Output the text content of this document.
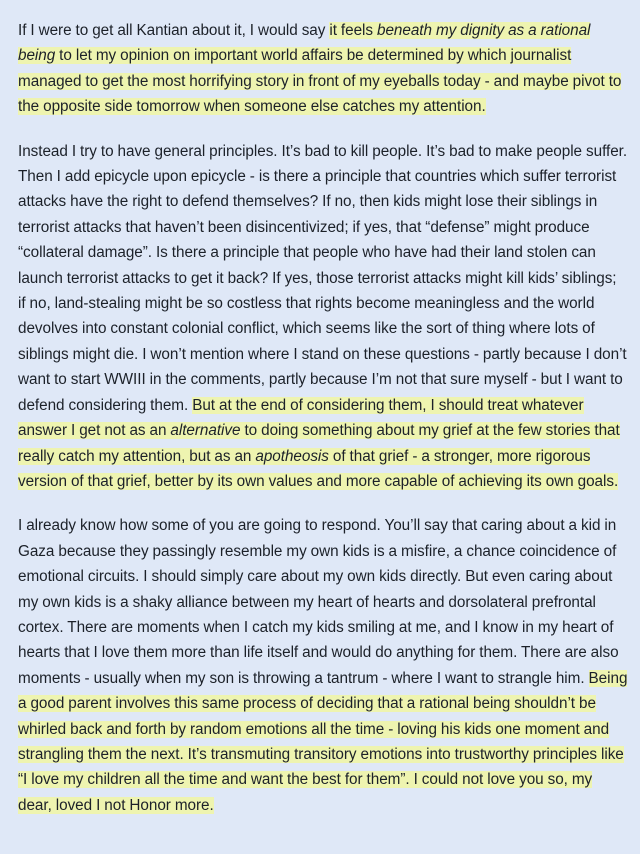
If I were to get all Kantian about it, I would say it feels beneath my dignity as a rational being to let my opinion on important world affairs be determined by which journalist managed to get the most horrifying story in front of my eyeballs today - and maybe pivot to the opposite side tomorrow when someone else catches my attention.

Instead I try to have general principles. It’s bad to kill people. It’s bad to make people suffer. Then I add epicycle upon epicycle - is there a principle that countries which suffer terrorist attacks have the right to defend themselves? If no, then kids might lose their siblings in terrorist attacks that haven’t been disincentivized; if yes, that “defense” might produce “collateral damage”. Is there a principle that people who have had their land stolen can launch terrorist attacks to get it back? If yes, those terrorist attacks might kill kids’ siblings; if no, land-stealing might be so costless that rights become meaningless and the world devolves into constant colonial conflict, which seems like the sort of thing where lots of siblings might die. I won’t mention where I stand on these questions - partly because I don’t want to start WWIII in the comments, partly because I’m not that sure myself - but I want to defend considering them. But at the end of considering them, I should treat whatever answer I get not as an alternative to doing something about my grief at the few stories that really catch my attention, but as an apotheosis of that grief - a stronger, more rigorous version of that grief, better by its own values and more capable of achieving its own goals.

I already know how some of you are going to respond. You’ll say that caring about a kid in Gaza because they passingly resemble my own kids is a misfire, a chance coincidence of emotional circuits. I should simply care about my own kids directly. But even caring about my own kids is a shaky alliance between my heart of hearts and dorsolateral prefrontal cortex. There are moments when I catch my kids smiling at me, and I know in my heart of hearts that I love them more than life itself and would do anything for them. There are also moments - usually when my son is throwing a tantrum - where I want to strangle him. Being a good parent involves this same process of deciding that a rational being shouldn’t be whirled back and forth by random emotions all the time - loving his kids one moment and strangling them the next. It’s transmuting transitory emotions into trustworthy principles like “I love my children all the time and want the best for them”. I could not love you so, my dear, loved I not Honor more.
